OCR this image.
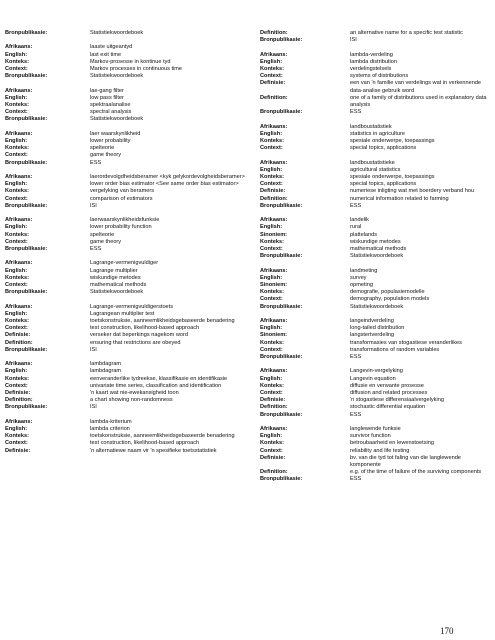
Bronpublikasie:	Statistiekwoordeboek
Afrikaans:	laaste uitgeantyd
English:	last exit time
Konteks:	Markov-prosesse in kontinue tyd
Context:	Markov processes in continuous time
Bronpublikasie:	Statistiekwoordeboek
Afrikaans:	lae-gang filter
English:	low pass filter
Konteks:	spektraalanalise
Context:	spectral analysis
Bronpublikasie:	Statistiekwoordeboek
Afrikaans:	laer waarskynlikheid
English:	lower probability
Konteks:	spelteorie
Context:	game theory
Bronpublikasie:	ESS
Afrikaans:	laerordevolgdheidsberamer <kyk gelykordevolgheidsberamer>
English:	lower order bias estimator <See same order bias estimator>
Konteks:	vergelyking van beramers
Context:	comparison of estimators
Bronpublikasie:	ISI
Afrikaans:	laerwaarskynlikheidsfunksie
English:	lower probability function
Konteks:	spelteorie
Context:	game theory
Bronpublikasie:	ESS
Afrikaans:	Lagrange-vermenigvuldiger
English:	Lagrange multiplier
Konteks:	wiskundige metodes
Context:	mathematical methods
Bronpublikasie:	Statistiekwoordeboek
Afrikaans:	Lagrange-vermenigvuldigerstoets
English:	Lagrangean multiplier test
Konteks:	toetskonstruksie, aanneemlikheidsgebaseerde benadering
Context:	test construction, likelihood-based approach
Definisie:	verseker dat beperkings nagekom word
Definition:	ensuring that restrictions are obeyed
Bronpublikasie:	ISI
Afrikaans:	lambdagram
English:	lambdagram
Konteks:	eenveranderlike tydreekse, klassifikasie en identifikasie
Context:	univariate time series, classification and identification
Definisie:	'n kaart wat nie-ewekansigheid toon
Definition:	a chart showing non-randomness
Bronpublikasie:	ISI
Afrikaans:	lambda-kriterium
English:	lambda criterion
Konteks:	toetskonstruksie, aanneemlikheidsgebaseerde benadering
Context:	test construction, likelihood-based approach
Definisie:	'n alternatiewe naam vir 'n spesifieke toetsstatistiek
Definition:	an alternative name for a specific test statistic
Bronpublikasie:	ISI
Afrikaans:	lambda-verdeling
English:	lambda distribution
Konteks:	verdelingstelsels
Context:	systems of distributions
Definisie:	een van 'n familie van verdelings wat in verkennende data-analise gebruik word
Definition:	one of a family of distributions used in explanatory data analysis
Bronpublikasie:	ESS
Afrikaans:	landboustatistiek
English:	statistics in agriculture
Konteks:	spesiale onderwerpe, toepassings
Context:	special topics, applications
Afrikaans:	landboustatistieke
English:	agricultural statistics
Konteks:	spesiale onderwerpe, toepassings
Context:	special topics, applications
Definisie:	numeriese inligting wat met boerdery verband hou
Definition:	numerical information related to farming
Bronpublikasie:	ESS
Afrikaans:	landelik
English:	rural
Sinoniem:	plattelands
Konteks:	wiskundige metodes
Context:	mathematical methods
Bronpublikasie:	Statistiekwoordeboek
Afrikaans:	landmeting
English:	survey
Sinoniem:	opmeting
Konteks:	demografie, populasiemodelle
Context:	demography, population models
Bronpublikasie:	Statistiekwoordeboek
Afrikaans:	langeindverdeling
English:	long-tailed distribution
Sinoniem:	langstertverdeling
Konteks:	transformasies van stogastiese veranderlikes
Context:	transformations of random variables
Bronpublikasie:	ESS
Afrikaans:	Langevin-vergelyking
English:	Langevin equation
Konteks:	diffusie en verwante prosesse
Context:	diffusion and related processes
Definisie:	'n stogastiese differensiaalvergelyking
Definition:	stochastic differential equation
Bronpublikasie:	ESS
Afrikaans:	langlewende funksie
English:	survivor function
Konteks:	betroubaarheid en lewenstoetsing
Context:	reliability and life testing
Definisie:	bv. van die tyd tot faling van die langlewende komponente
Definition:	e.g. of the time of failure of the surviving components
Bronpublikasie:	ESS
170
